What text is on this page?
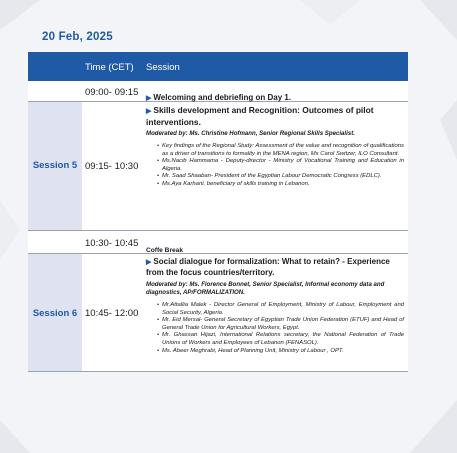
20 Feb, 2025
Time (CET) Session
09:00- 09:15
▶ Welcoming and debriefing on Day 1.
Session 5 09:15- 10:30
▶ Skills development and Recognition: Outcomes of pilot
interventions.
Moderated by: Ms. Christine Hofmann, Senior Regional Skills Specialist.
• Key findings of the Regional Study: Assessment of the value and recognition of qualifications as a driver of transitions to formality in the MENA region, Ms Carol Switzer, ILO Consultant.
• Ms.Nacib Hammama - Deputy-director - Ministry of Vocational Training and Education in Algeria.
• Mr. Saad Shaaban- President of the Egyptian Labour Democratic Congress (EDLC).
• Ms.Aya Karhani, beneficiary of skills training in Lebanon.
10:30- 10:45
Coffe Break
Session 6 10:45- 12:00
▶ Social dialogue for formalization: What to retain? - Experience
from the focus countries/territory.
Moderated by: Ms. Florence Bonnet, Senior Specialist, Informal economy data and diagnostics, AP/FORMALIZATION.
• Mr.Attallia Malek - Director General of Employment, Ministry of Labour, Employment and Social Security, Algeria.
• Mr. Eid Mersal- General Secretary of Egyptian Trade Union Federation (ETUF) and Head of General Trade Union for Agricultural Workers, Egypt.
• Mr. Ghassan Hijazi, International Relations secretary, the National Federation of Trade Unions of Workers and Employees of Lebanon (FENASOL).
• Ms. Abeer Meghrabi, Head of Planning Unit, Ministry of Labour , OPT.
